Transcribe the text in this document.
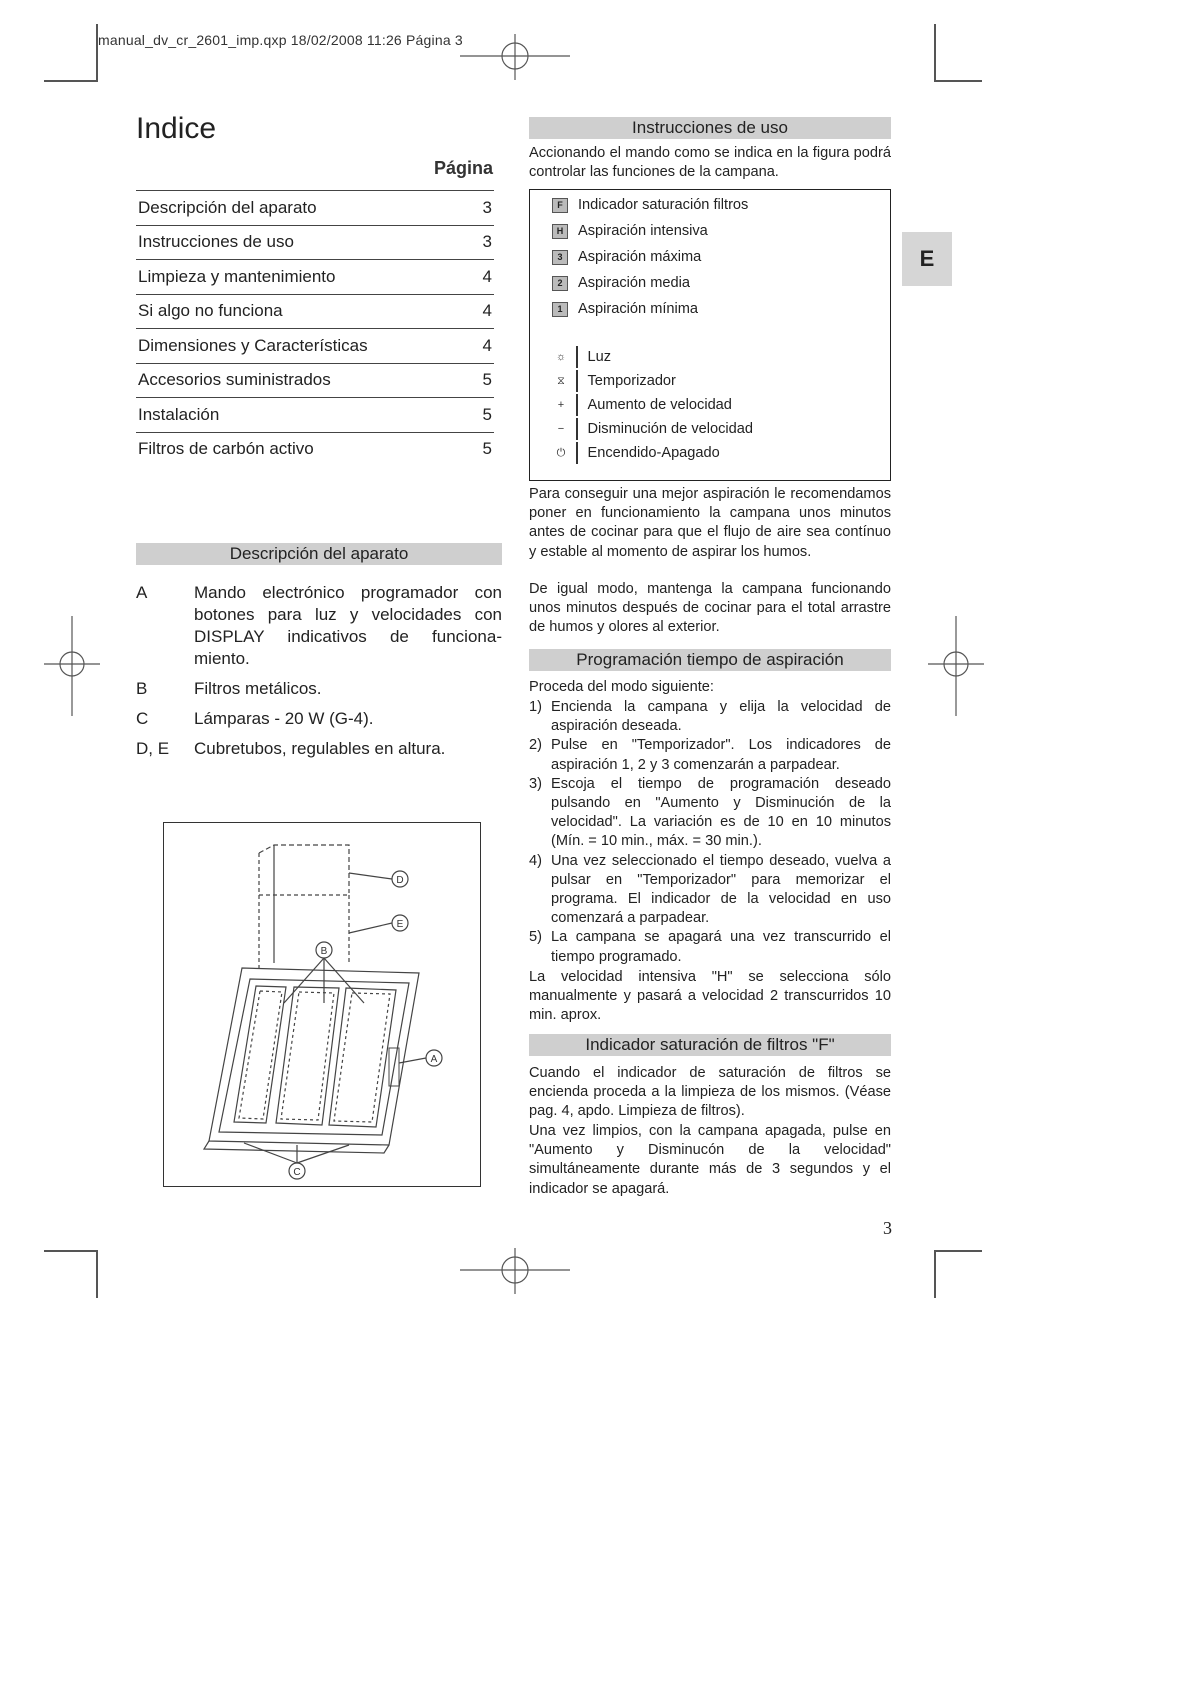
manual_dv_cr_2601_imp.qxp 18/02/2008 11:26 Página 3
Indice
Página
Descripción del aparato	3
Instrucciones de uso	3
Limpieza y mantenimiento	4
Si algo no funciona	4
Dimensiones y Características	4
Accesorios suministrados	5
Instalación	5
Filtros de carbón activo	5
Descripción del aparato
A	Mando electrónico programador con botones para luz y velocidades con DISPLAY indicativos de funciona-miento.
B	Filtros metálicos.
C	Lámparas - 20 W (G-4).
D, E	Cubretubos, regulables en altura.
D
E
B
A
C
Instrucciones de uso
Accionando el mando como se indica en la figura podrá controlar las funciones de la campana.
F	Indicador saturación filtros
H	Aspiración intensiva
3	Aspiración máxima
2	Aspiración media
1	Aspiración mínima
☼ Luz
⧖	Temporizador
+	Aumento de velocidad
−	Disminución de velocidad
⏻	Encendido-Apagado
Para conseguir una mejor aspiración le recomendamos poner en funcionamiento la campana unos minutos antes de cocinar para que el flujo de aire sea contínuo y estable al momento de aspirar los humos.
De igual modo, mantenga la campana funcionando unos minutos después de cocinar para el total arrastre de humos y olores al exterior.
Programación tiempo de aspiración
Proceda del modo siguiente:
1) Encienda la campana y elija la velocidad de aspiración deseada.
2) Pulse en "Temporizador". Los indicadores de aspiración 1, 2 y 3 comenzarán a parpadear.
3) Escoja el tiempo de programación deseado pulsando en "Aumento y Disminución de la velocidad". La variación es de 10 en 10 minutos (Mín. = 10 min., máx. = 30 min.).
4) Una vez seleccionado el tiempo deseado, vuelva a pulsar en "Temporizador" para memorizar el programa. El indicador de la velocidad en uso comenzará a parpadear.
5) La campana se apagará una vez transcurrido el tiempo programado.
La velocidad intensiva "H" se selecciona sólo manualmente y pasará a velocidad 2 transcurridos 10 min. aprox.
Indicador saturación de filtros "F"
Cuando el indicador de saturación de filtros se encienda proceda a la limpieza de los mismos. (Véase pag. 4, apdo. Limpieza de filtros).
Una vez limpios, con la campana apagada, pulse en "Aumento y Disminucón de la velocidad" simultáneamente durante más de 3 segundos y el indicador se apagará.
E
3
